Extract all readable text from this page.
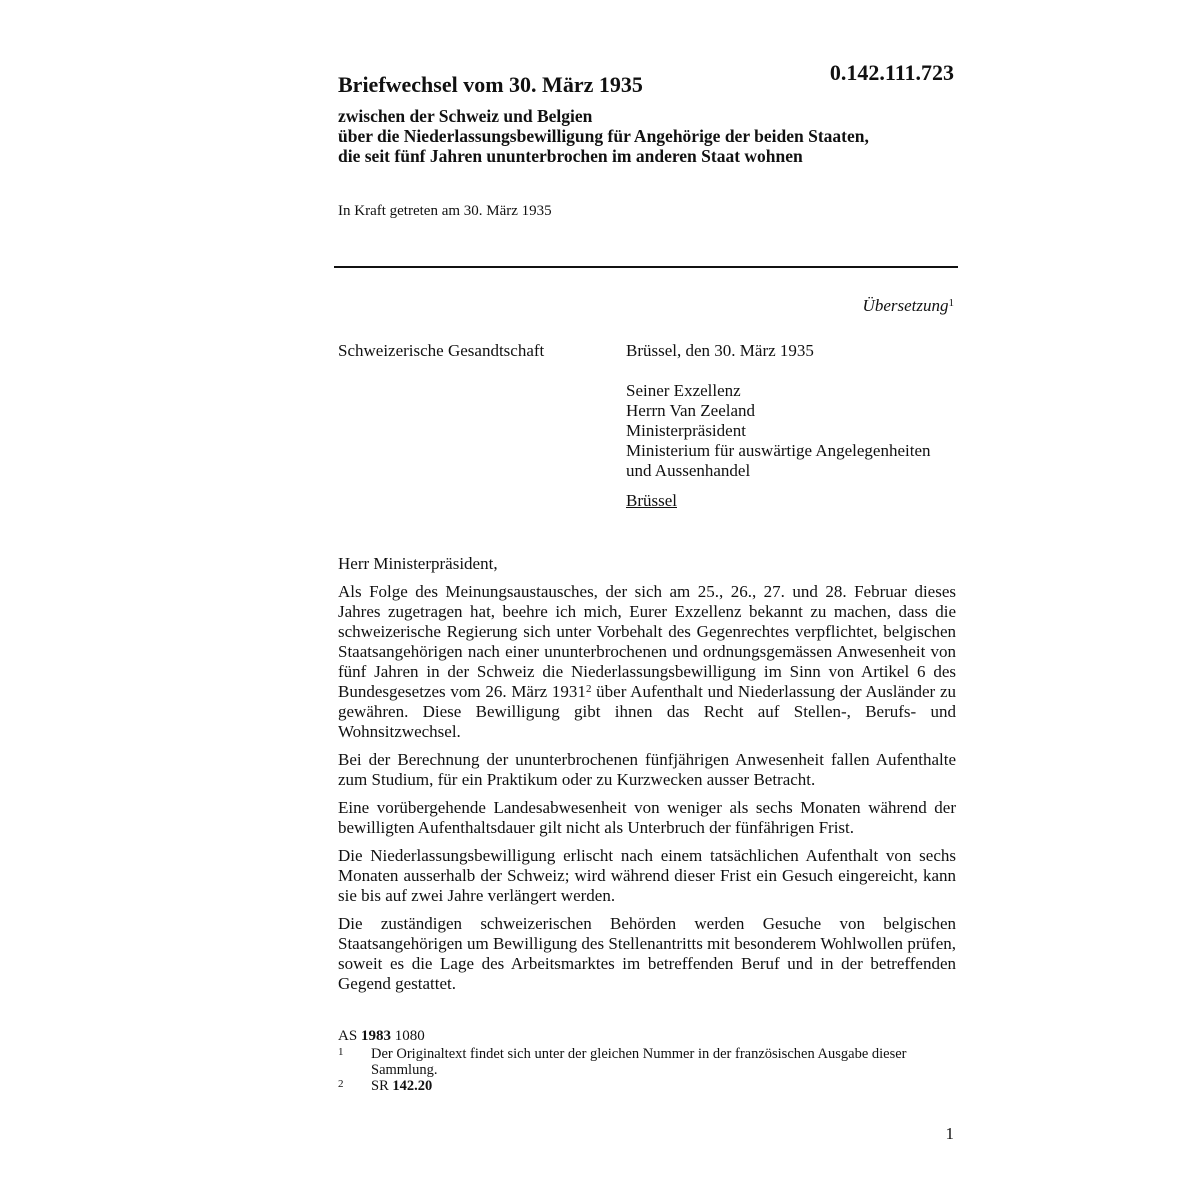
0.142.111.723

Briefwechsel vom 30. März 1935
zwischen der Schweiz und Belgien
über die Niederlassungsbewilligung für Angehörige der beiden Staaten,
die seit fünf Jahren ununterbrochen im anderen Staat wohnen

In Kraft getreten am 30. März 1935

Übersetzung$^1$
Schweizerische Gesandtschaft	Brüssel, den 30. März 1935
Seiner Exzellenz
Herrn Van Zeeland
Ministerpräsident
Ministerium für auswärtige Angelegenheiten
und Aussenhandel
Brüssel
Herr Ministerpräsident,

Als Folge des Meinungsaustausches, der sich am 25., 26., 27. und 28. Februar dieses Jahres zugetragen hat, beehre ich mich, Eurer Exzellenz bekannt zu machen, dass die schweizerische Regierung sich unter Vorbehalt des Gegenrechtes verpflichtet, belgischen Staatsangehörigen nach einer ununterbrochenen und ordnungsgemässen Anwesenheit von fünf Jahren in der Schweiz die Niederlassungsbewilligung im Sinn von Artikel 6 des Bundesgesetzes vom 26. März 1931$^2$ über Aufenthalt und Niederlassung der Ausländer zu gewähren. Diese Bewilligung gibt ihnen das Recht auf Stellen-, Berufs- und Wohnsitzwechsel.

Bei der Berechnung der ununterbrochenen fünfjährigen Anwesenheit fallen Aufenthalte zum Studium, für ein Praktikum oder zu Kurzwecken ausser Betracht.

Eine vorübergehende Landesabwesenheit von weniger als sechs Monaten während der bewilligten Aufenthaltsdauer gilt nicht als Unterbruch der fünfährigen Frist.

Die Niederlassungsbewilligung erlischt nach einem tatsächlichen Aufenthalt von sechs Monaten ausserhalb der Schweiz; wird während dieser Frist ein Gesuch eingereicht, kann sie bis auf zwei Jahre verlängert werden.

Die zuständigen schweizerischen Behörden werden Gesuche von belgischen Staatsangehörigen um Bewilligung des Stellenantritts mit besonderem Wohlwollen prüfen, soweit es die Lage des Arbeitsmarktes im betreffenden Beruf und in der betreffenden Gegend gestattet.

AS 1983 1080

1	Der Originaltext findet sich unter der gleichen Nummer in der französischen Ausgabe dieser Sammlung.
2	SR 142.20
1
